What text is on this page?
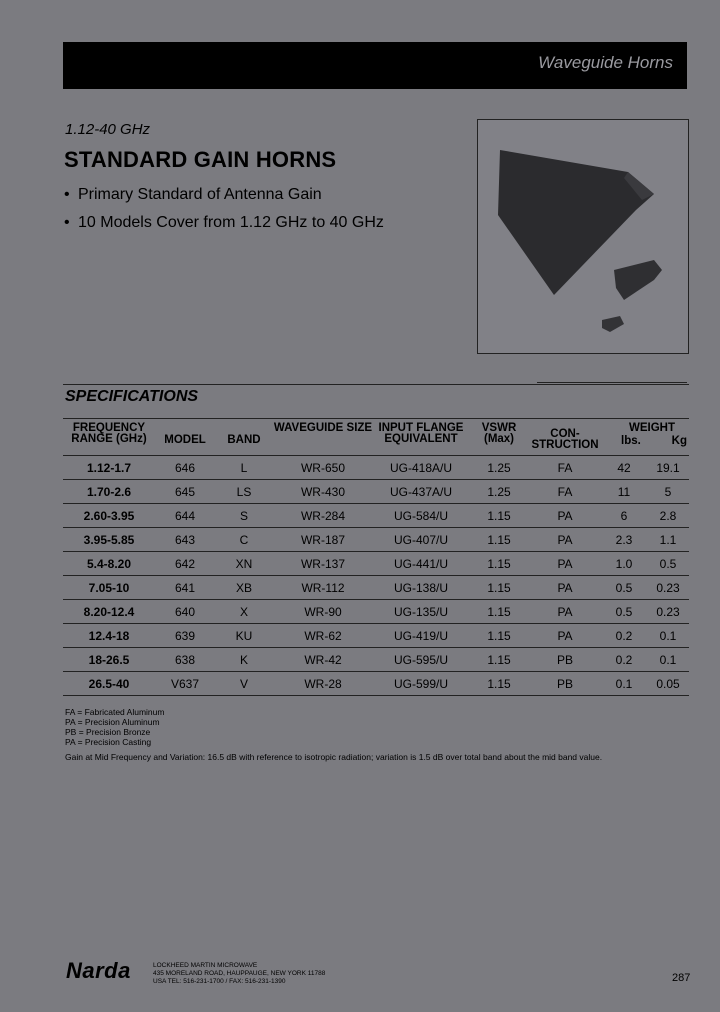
Waveguide Horns
1.12-40 GHz
STANDARD GAIN HORNS
• Primary Standard of Antenna Gain
• 10 Models Cover from 1.12 GHz to 40 GHz
SPECIFICATIONS
FREQUENCY RANGE (GHz)	MODEL	BAND	WAVEGUIDE SIZE	INPUT FLANGE EQUIVALENT	VSWR (Max)	CON- STRUCTION	WEIGHT
lbs. Kg	

1.12-1.7	646	L	WR-650	UG-418A/U	1.25	FA	42	19.1
1.70-2.6	645	LS	WR-430	UG-437A/U	1.25	FA	11	5
2.60-3.95	644	S	WR-284	UG-584/U	1.15	PA	6	2.8
3.95-5.85	643	C	WR-187	UG-407/U	1.15	PA	2.3	1.1
5.4-8.20	642	XN	WR-137	UG-441/U	1.15	PA	1.0	0.5
7.05-10	641	XB	WR-112	UG-138/U	1.15	PA	0.5	0.23
8.20-12.4	640	X	WR-90	UG-135/U	1.15	PA	0.5	0.23
12.4-18	639	KU	WR-62	UG-419/U	1.15	PA	0.2	0.1
18-26.5	638	K	WR-42	UG-595/U	1.15	PB	0.2	0.1
26.5-40	V637	V	WR-28	UG-599/U	1.15	PB	0.1	0.05
FA = Fabricated Aluminum
PA = Precision Aluminum
PB = Precision Bronze
PA = Precision Casting
Gain at Mid Frequency and Variation: 16.5 dB with reference to isotropic radiation; variation is 1.5 dB over total band about the mid band value.
Narda	LOCKHEED MARTIN MICROWAVE
435 MORELAND ROAD, HAUPPAUGE, NEW YORK 11788
USA TEL: 516-231-1700 / FAX: 516-231-1390	287
